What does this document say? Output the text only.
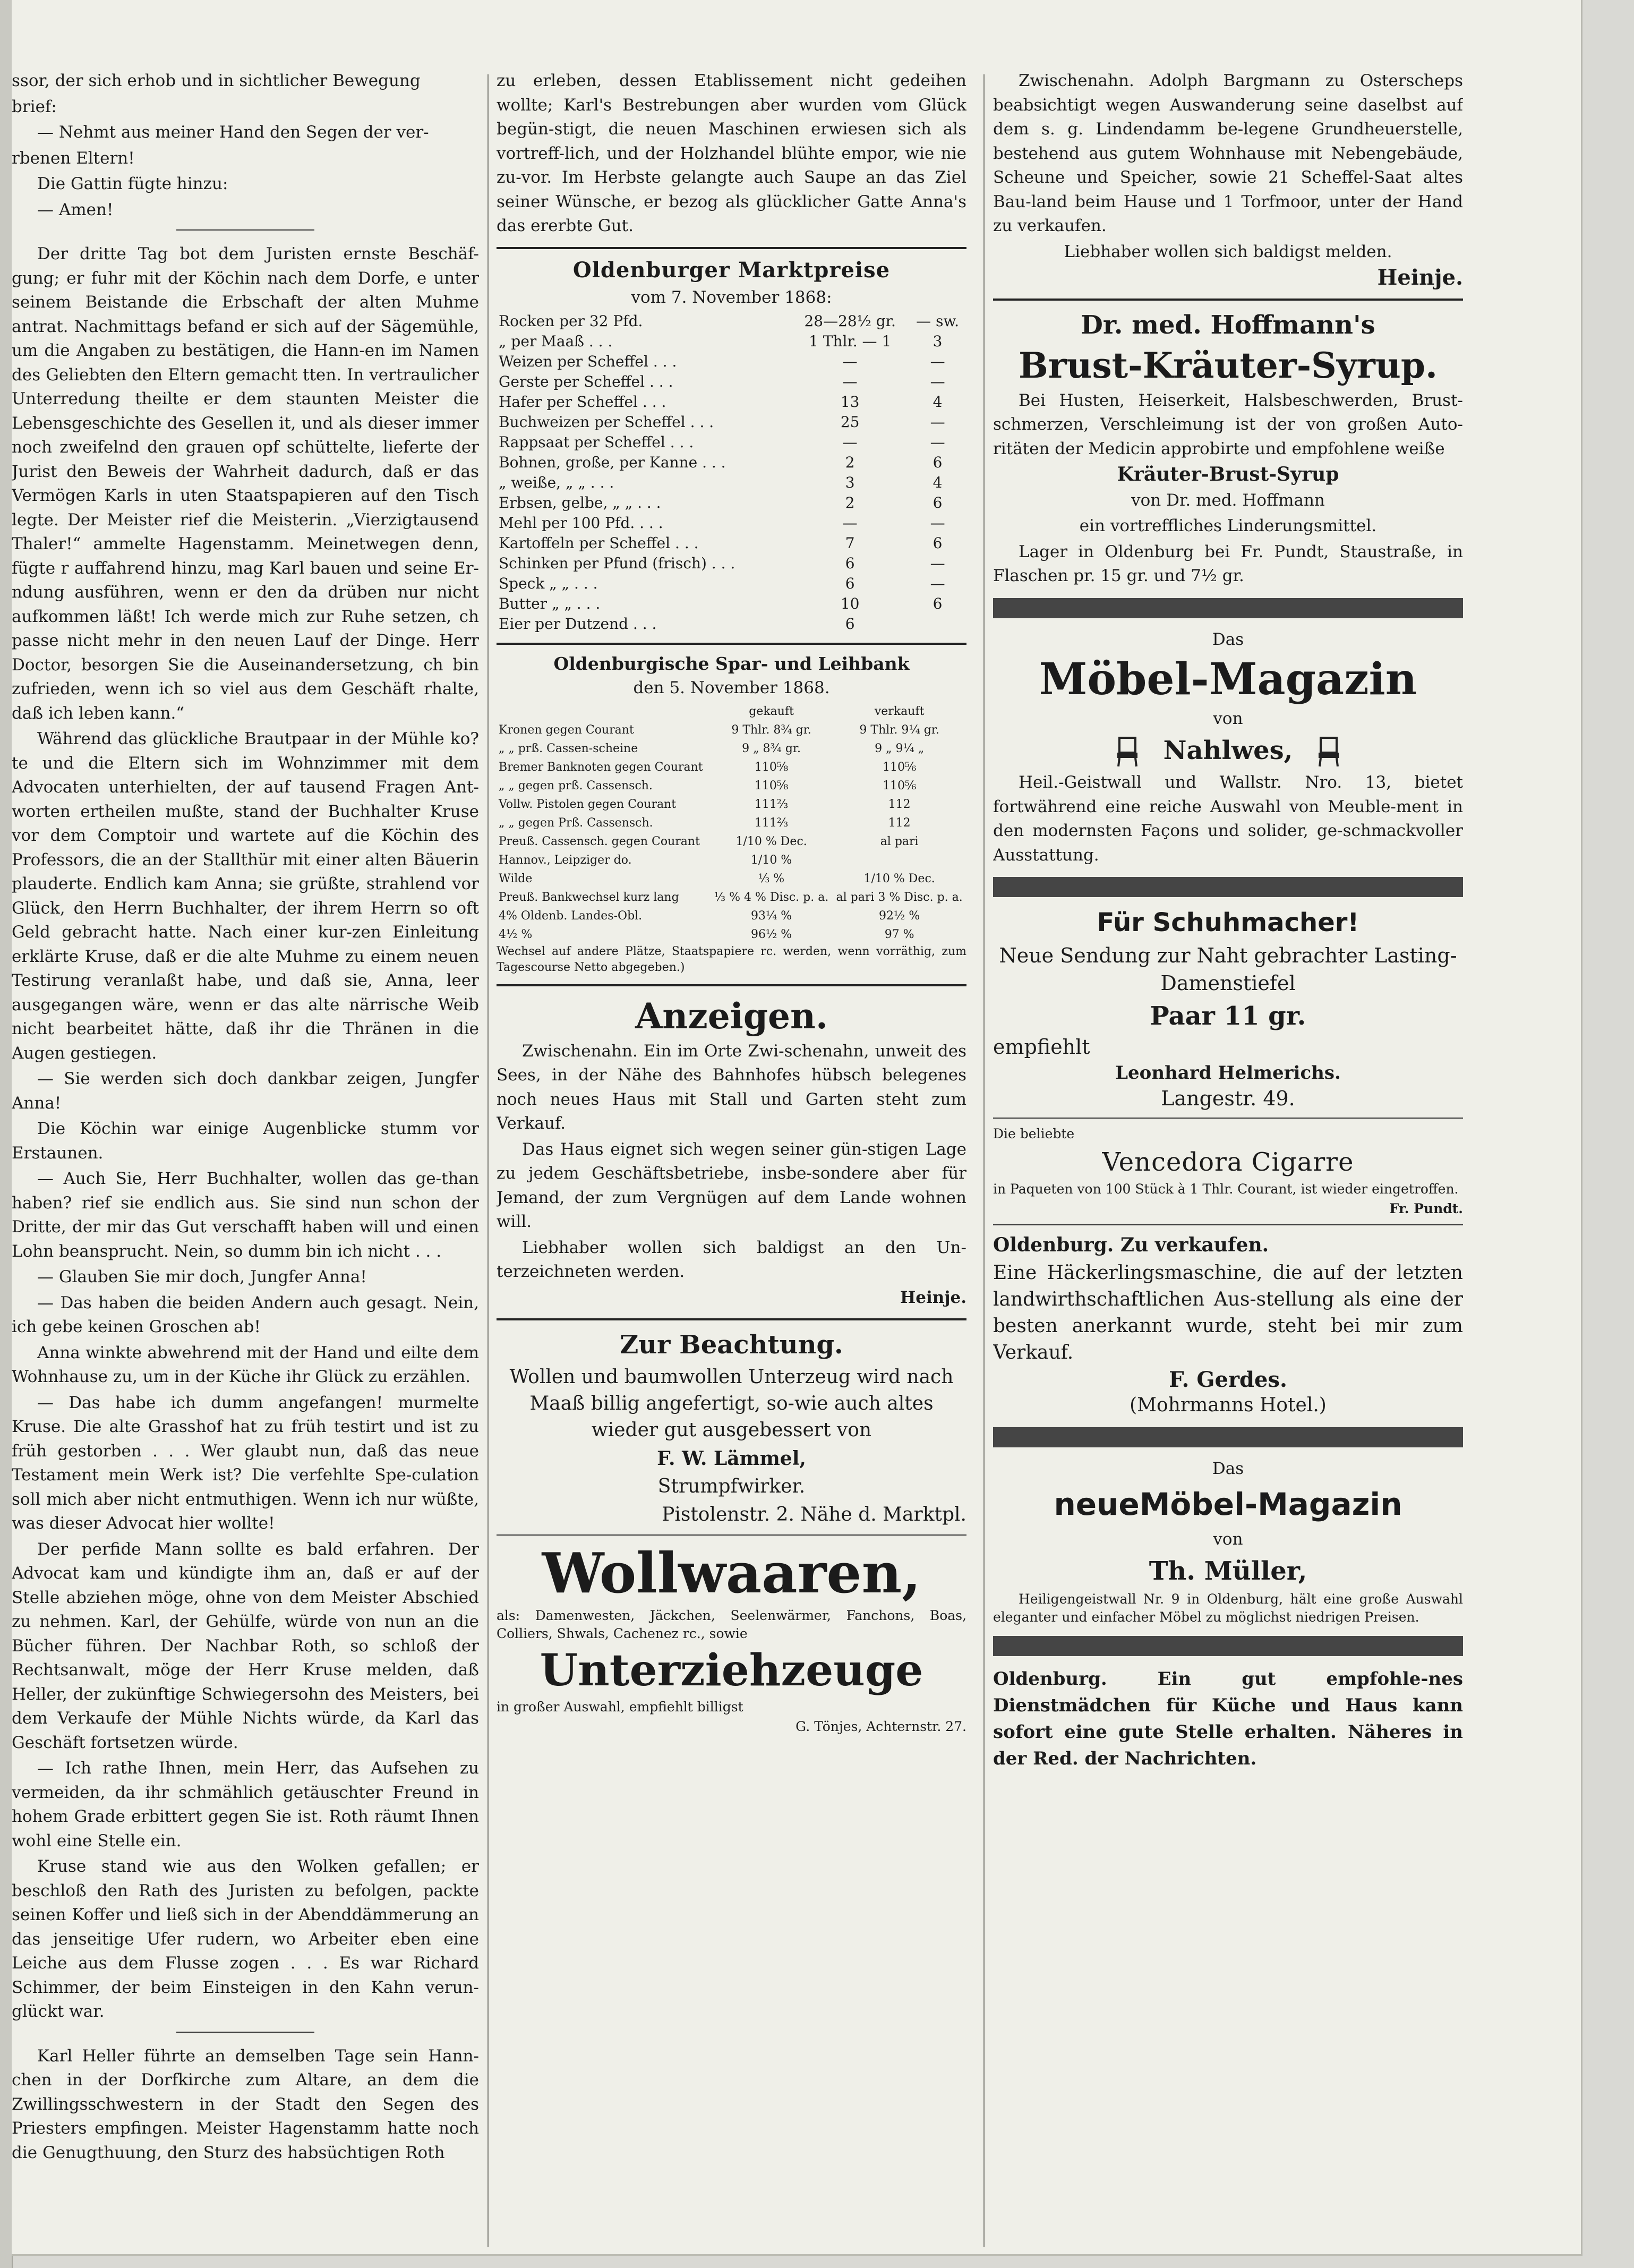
ssor, der sich erhob und in sichtlicher Bewegung

brief:

— Nehmt aus meiner Hand den Segen der ver-

rbenen Eltern!

Die Gattin fügte hinzu:

— Amen!

Der dritte Tag bot dem Juristen ernste Beschäf-gung; er fuhr mit der Köchin nach dem Dorfe, e unter seinem Beistande die Erbschaft der alten Muhme antrat. Nachmittags befand er sich auf der Sägemühle, um die Angaben zu bestätigen, die Hann-en im Namen des Geliebten den Eltern gemacht tten. In vertraulicher Unterredung theilte er dem staunten Meister die Lebensgeschichte des Gesellen it, und als dieser immer noch zweifelnd den grauen opf schüttelte, lieferte der Jurist den Beweis der Wahrheit dadurch, daß er das Vermögen Karls in uten Staatspapieren auf den Tisch legte. Der Meister rief die Meisterin. „Vierzigtausend Thaler!“ ammelte Hagenstamm. Meinetwegen denn, fügte r auffahrend hinzu, mag Karl bauen und seine Er-ndung ausführen, wenn er den da drüben nur nicht aufkommen läßt! Ich werde mich zur Ruhe setzen, ch passe nicht mehr in den neuen Lauf der Dinge. Herr Doctor, besorgen Sie die Auseinandersetzung, ch bin zufrieden, wenn ich so viel aus dem Geschäft rhalte, daß ich leben kann.“

Während das glückliche Brautpaar in der Mühle ko?te und die Eltern sich im Wohnzimmer mit dem Advocaten unterhielten, der auf tausend Fragen Ant-worten ertheilen mußte, stand der Buchhalter Kruse vor dem Comptoir und wartete auf die Köchin des Professors, die an der Stallthür mit einer alten Bäuerin plauderte. Endlich kam Anna; sie grüßte, strahlend vor Glück, den Herrn Buchhalter, der ihrem Herrn so oft Geld gebracht hatte. Nach einer kur-zen Einleitung erklärte Kruse, daß er die alte Muhme zu einem neuen Testirung veranlaßt habe, und daß sie, Anna, leer ausgegangen wäre, wenn er das alte närrische Weib nicht bearbeitet hätte, daß ihr die Thränen in die Augen gestiegen.

— Sie werden sich doch dankbar zeigen, Jungfer Anna!

Die Köchin war einige Augenblicke stumm vor Erstaunen.

— Auch Sie, Herr Buchhalter, wollen das ge-than haben? rief sie endlich aus. Sie sind nun schon der Dritte, der mir das Gut verschafft haben will und einen Lohn beansprucht. Nein, so dumm bin ich nicht . . .

— Glauben Sie mir doch, Jungfer Anna!

— Das haben die beiden Andern auch gesagt. Nein, ich gebe keinen Groschen ab!

Anna winkte abwehrend mit der Hand und eilte dem Wohnhause zu, um in der Küche ihr Glück zu erzählen.

— Das habe ich dumm angefangen! murmelte Kruse. Die alte Grasshof hat zu früh testirt und ist zu früh gestorben . . . Wer glaubt nun, daß das neue Testament mein Werk ist? Die verfehlte Spe-culation soll mich aber nicht entmuthigen. Wenn ich nur wüßte, was dieser Advocat hier wollte!

Der perfide Mann sollte es bald erfahren. Der Advocat kam und kündigte ihm an, daß er auf der Stelle abziehen möge, ohne von dem Meister Abschied zu nehmen. Karl, der Gehülfe, würde von nun an die Bücher führen. Der Nachbar Roth, so schloß der Rechtsanwalt, möge der Herr Kruse melden, daß Heller, der zukünftige Schwiegersohn des Meisters, bei dem Verkaufe der Mühle Nichts würde, da Karl das Geschäft fortsetzen würde.

— Ich rathe Ihnen, mein Herr, das Aufsehen zu vermeiden, da ihr schmählich getäuschter Freund in hohem Grade erbittert gegen Sie ist. Roth räumt Ihnen wohl eine Stelle ein.

Kruse stand wie aus den Wolken gefallen; er beschloß den Rath des Juristen zu befolgen, packte seinen Koffer und ließ sich in der Abenddämmerung an das jenseitige Ufer rudern, wo Arbeiter eben eine Leiche aus dem Flusse zogen . . . Es war Richard Schimmer, der beim Einsteigen in den Kahn verun-glückt war.

Karl Heller führte an demselben Tage sein Hann-chen in der Dorfkirche zum Altare, an dem die Zwillingsschwestern in der Stadt den Segen des Priesters empfingen. Meister Hagenstamm hatte noch die Genugthuung, den Sturz des habsüchtigen Roth

zu erleben, dessen Etablissement nicht gedeihen wollte; Karl's Bestrebungen aber wurden vom Glück begün-stigt, die neuen Maschinen erwiesen sich als vortreff-lich, und der Holzhandel blühte empor, wie nie zu-vor. Im Herbste gelangte auch Saupe an das Ziel seiner Wünsche, er bezog als glücklicher Gatte Anna's das ererbte Gut.

Oldenburger Marktpreise

vom 7. November 1868:

Rocken per 32 Pfd.	28—28½ gr.	— sw.
„ per Maaß . . .	1 Thlr. — 1	3
Weizen per Scheffel . . .	—	—
Gerste per Scheffel . . .	—	—
Hafer per Scheffel . . .	13	4
Buchweizen per Scheffel . . .	25	—
Rappsaat per Scheffel . . .	—	—
Bohnen, große, per Kanne . . .	2	6
„ weiße, „ „ . . .	3	4
Erbsen, gelbe, „ „ . . .	2	6
Mehl per 100 Pfd. . . .	—	—
Kartoffeln per Scheffel . . .	7	6
Schinken per Pfund (frisch) . . .	6	—
Speck „ „ . . .	6	—
Butter „ „ . . .	10	6
Eier per Dutzend . . .	6	
Oldenburgische Spar- und Leihbank

den 5. November 1868.

	gekauft	verkauft
Kronen gegen Courant	9 Thlr. 8¾ gr.	9 Thlr. 9¼ gr.
„ „ prß. Cassen-scheine	9 „ 8¾ gr.	9 „ 9¼ „
Bremer Banknoten gegen Courant	110⅝	110⅚
„ „ gegen prß. Cassensch.	110⅝	110⅚
Vollw. Pistolen gegen Courant	111⅔	112
„ „ gegen Prß. Cassensch.	111⅔	112
Preuß. Cassensch. gegen Courant	1/10 % Dec.	al pari
Hannov., Leipziger do.	1/10 %	
Wilde	⅓ %	1/10 % Dec.
Preuß. Bankwechsel kurz lang	⅓ % 4 % Disc. p. a.	al pari 3 % Disc. p. a.
4% Oldenb. Landes-Obl.	93¼ %	92½ %
4½ %	96½ %	97 %

Wechsel auf andere Plätze, Staatspapiere rc. werden, wenn vorräthig, zum Tagescourse Netto abgegeben.)

Anzeigen.

Zwischenahn. Ein im Orte Zwi-schenahn, unweit des Sees, in der Nähe des Bahnhofes hübsch belegenes noch neues Haus mit Stall und Garten steht zum Verkauf.

Das Haus eignet sich wegen seiner gün-stigen Lage zu jedem Geschäftsbetriebe, insbe-sondere aber für Jemand, der zum Vergnügen auf dem Lande wohnen will.

Liebhaber wollen sich baldigst an den Un-terzeichneten werden.

Heinje.

Zur Beachtung.

Wollen und baumwollen Unterzeug wird nach Maaß billig angefertigt, so-wie auch altes wieder gut ausgebessert von

F. W. Lämmel,

Strumpfwirker.

Pistolenstr. 2. Nähe d. Marktpl.

Wollwaaren,

als: Damenwesten, Jäckchen, Seelenwärmer, Fanchons, Boas, Colliers, Shwals, Cachenez rc., sowie

Unterziehzeuge

in großer Auswahl, empfiehlt billigst

G. Tönjes, Achternstr. 27.

Zwischenahn. Adolph Bargmann zu Osterscheps beabsichtigt wegen Auswanderung seine daselbst auf dem s. g. Lindendamm be-legene Grundheuerstelle, bestehend aus gutem Wohnhause mit Nebengebäude, Scheune und Speicher, sowie 21 Scheffel-Saat altes Bau-land beim Hause und 1 Torfmoor, unter der Hand zu verkaufen.

Liebhaber wollen sich baldigst melden.

Heinje.

Dr. med. Hoffmann's
Brust-Kräuter-Syrup.

Bei Husten, Heiserkeit, Halsbeschwerden, Brust-schmerzen, Verschleimung ist der von großen Auto-ritäten der Medicin approbirte und empfohlene weiße

Kräuter-Brust-Syrup

von Dr. med. Hoffmann

ein vortreffliches Linderungsmittel.

Lager in Oldenburg bei Fr. Pundt, Staustraße, in Flaschen pr. 15 gr. und 7½ gr.

Das

Möbel-Magazin

von

Nahlwes,

Heil.-Geistwall und Wallstr. Nro. 13, bietet fortwährend eine reiche Auswahl von Meuble-ment in den modernsten Façons und solider, ge-schmackvoller Ausstattung.

Für Schuhmacher!

Neue Sendung zur Naht gebrachter Lasting-Damenstiefel

Paar 11 gr.

empfiehlt

Leonhard Helmerichs.

Langestr. 49.

Die beliebte

Vencedora Cigarre

in Paqueten von 100 Stück à 1 Thlr. Courant, ist wieder eingetroffen.

Fr. Pundt.

Oldenburg. Zu verkaufen.

Eine Häckerlingsmaschine, die auf der letzten landwirthschaftlichen Aus-stellung als eine der besten anerkannt wurde, steht bei mir zum Verkauf.

F. Gerdes.

(Mohrmanns Hotel.)

Das

neueMöbel-Magazin

von

Th. Müller,

Heiligengeistwall Nr. 9 in Oldenburg, hält eine große Auswahl eleganter und einfacher Möbel zu möglichst niedrigen Preisen.

Oldenburg. Ein gut empfohle-nes Dienstmädchen für Küche und Haus kann sofort eine gute Stelle erhalten. Näheres in der Red. der Nachrichten.
